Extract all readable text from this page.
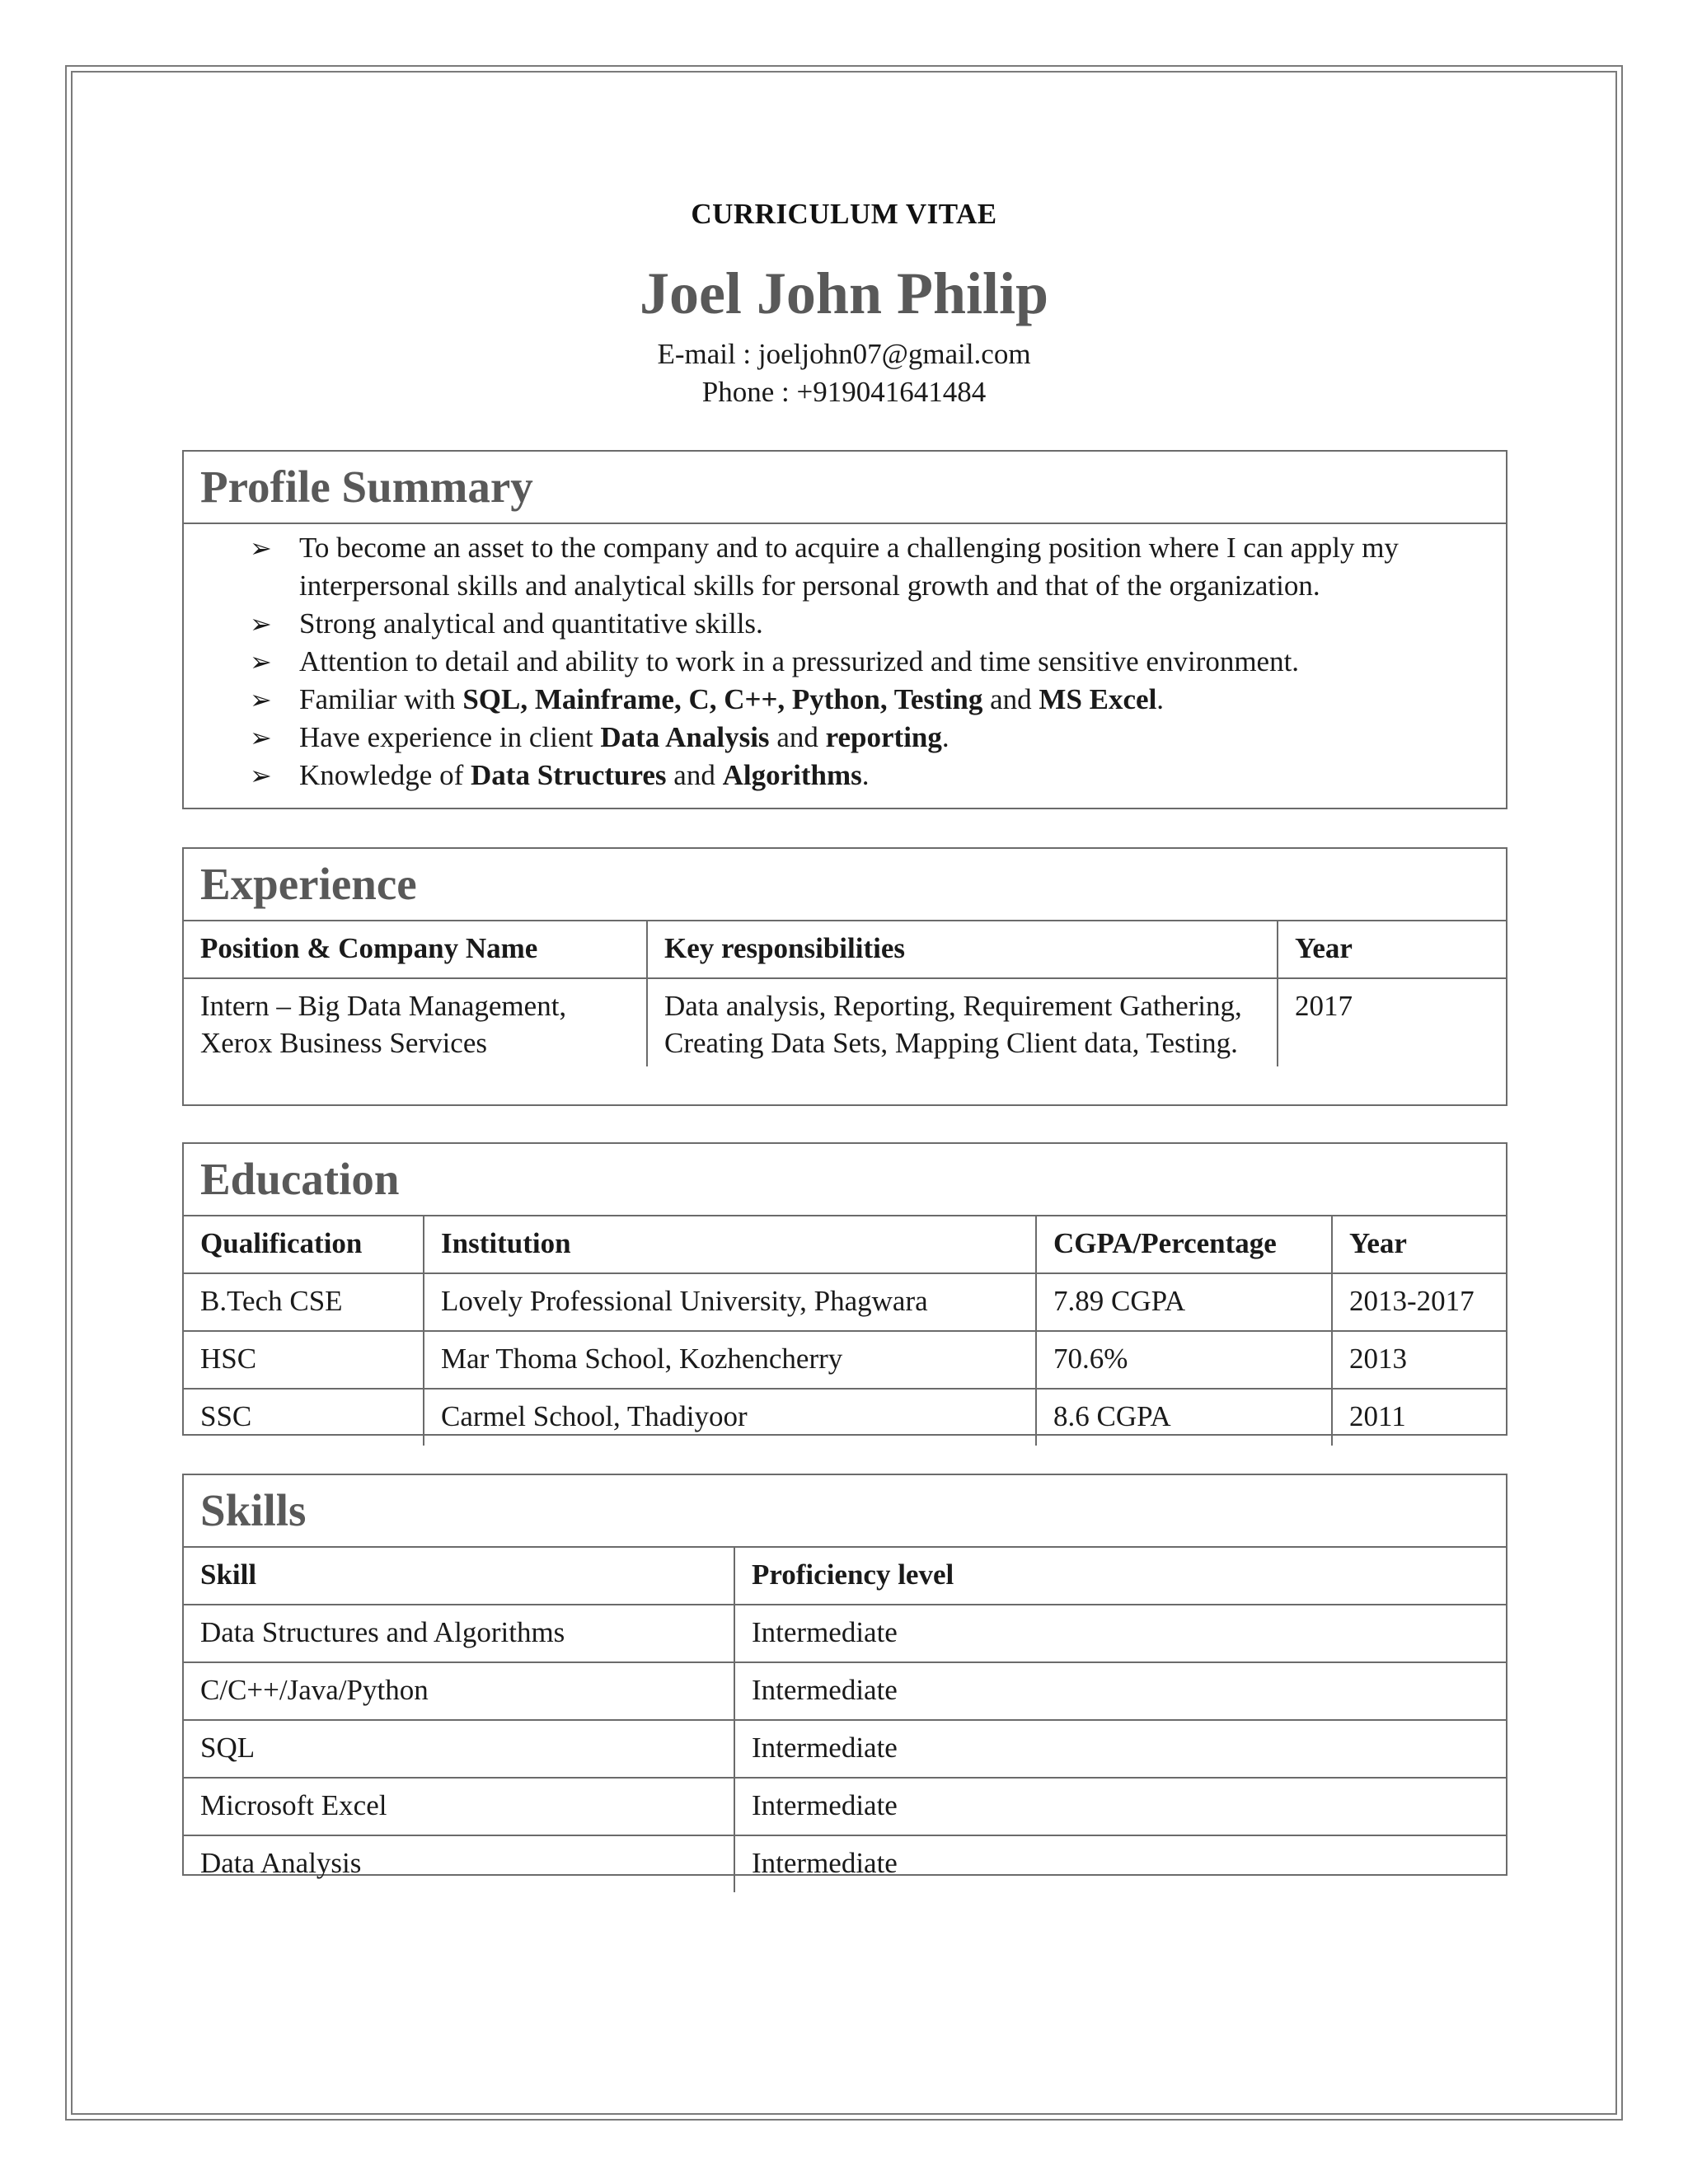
CURRICULUM VITAE
Joel John Philip
E-mail : joeljohn07@gmail.com
Phone : +919041641484
Profile Summary
➢ To become an asset to the company and to acquire a challenging position where I can apply my interpersonal skills and analytical skills for personal growth and that of the organization.
➢ Strong analytical and quantitative skills.
➢ Attention to detail and ability to work in a pressurized and time sensitive environment.
➢ Familiar with SQL, Mainframe, C, C++, Python, Testing and MS Excel.
➢ Have experience in client Data Analysis and reporting.
➢ Knowledge of Data Structures and Algorithms.
Experience
Position & Company Name	Key responsibilities	Year
Intern – Big Data Management, Xerox Business Services	Data analysis, Reporting, Requirement Gathering, Creating Data Sets, Mapping Client data, Testing.	2017
Education
Qualification	Institution	CGPA/Percentage	Year
B.Tech CSE	Lovely Professional University, Phagwara	7.89 CGPA	2013-2017
HSC	Mar Thoma School, Kozhencherry	70.6%	2013
SSC	Carmel School, Thadiyoor	8.6 CGPA	2011
Skills
Skill	Proficiency level
Data Structures and Algorithms	Intermediate
C/C++/Java/Python	Intermediate
SQL	Intermediate
Microsoft Excel	Intermediate
Data Analysis	Intermediate
